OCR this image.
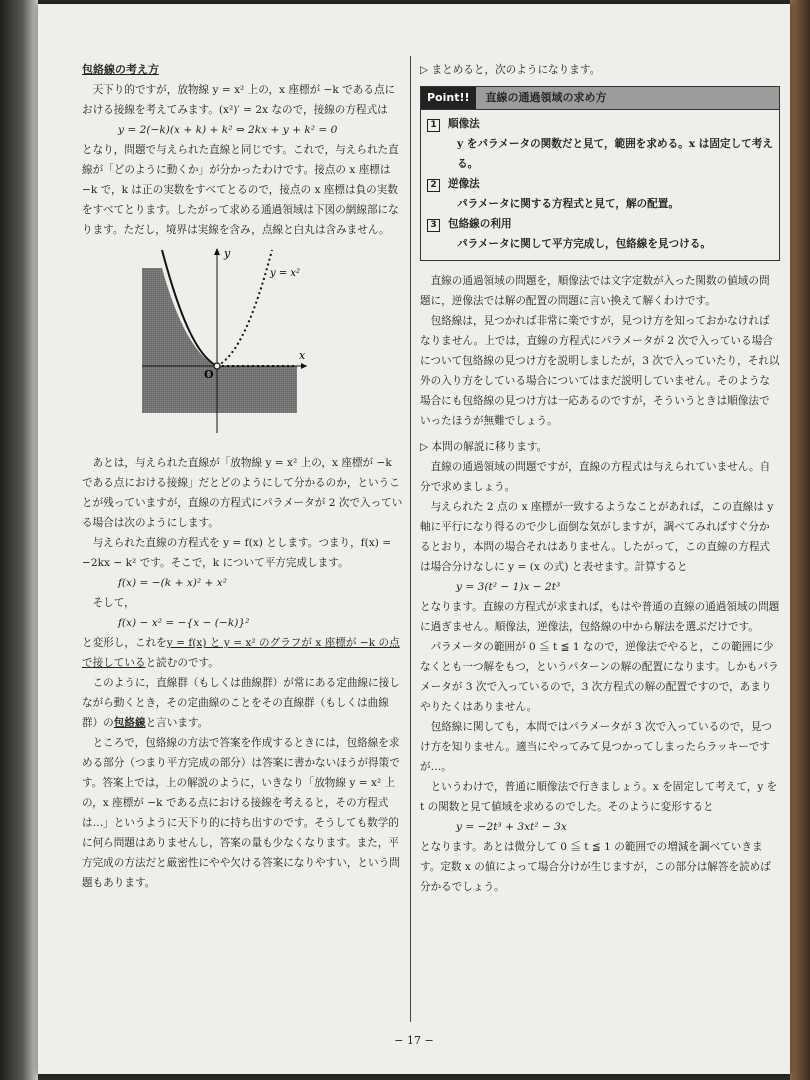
包絡線の考え方

天下り的ですが，放物線 y = x² 上の，x 座標が −k である点における接線を考えてみます。(x²)′ = 2x なので，接線の方程式は

y = 2(−k)(x + k) + k² ⇔ 2kx + y + k² = 0

となり，問題で与えられた直線と同じです。これで，与えられた直線が「どのように動くか」が分かったわけです。接点の x 座標は −k で，k は正の実数をすべてとるので，接点の x 座標は負の実数をすべてとります。したがって求める通過領域は下図の網線部になります。ただし，境界は実線を含み，点線と白丸は含みません。

y
x
O
y = x²

あとは，与えられた直線が「放物線 y = x² 上の，x 座標が −k である点における接線」だとどのようにして分かるのか，ということが残っていますが，直線の方程式にパラメータが 2 次で入っている場合は次のようにします。

与えられた直線の方程式を y = f(x) とします。つまり，f(x) = −2kx − k² です。そこで，k について平方完成します。

f(x) = −(k + x)² + x²

そして，

f(x) − x² = −{x − (−k)}²

と変形し，これをy = f(x) と y = x² のグラフが x 座標が −k の点で接していると読むのです。

このように，直線群（もしくは曲線群）が常にある定曲線に接しながら動くとき，その定曲線のことをその直線群（もしくは曲線群）の包絡線と言います。

ところで，包絡線の方法で答案を作成するときには，包絡線を求める部分（つまり平方完成の部分）は答案に書かないほうが得策です。答案上では，上の解説のように，いきなり「放物線 y = x² 上の，x 座標が −k である点における接線を考えると，その方程式は…」というように天下り的に持ち出すのです。そうしても数学的に何ら問題はありませんし，答案の量も少なくなります。また，平方完成の方法だと厳密性にやや欠ける答案になりやすい，という問題もあります。

▷ まとめると，次のようになります。

Point!!	直線の通過領域の求め方
1 順像法

y をパラメータの関数だと見て，範囲を求める。x は固定して考える。

2 逆像法

パラメータに関する方程式と見て，解の配置。

3 包絡線の利用

パラメータに関して平方完成し，包絡線を見つける。

直線の通過領域の問題を，順像法では文字定数が入った関数の値域の問題に，逆像法では解の配置の問題に言い換えて解くわけです。

包絡線は，見つかれば非常に楽ですが，見つけ方を知っておかなければなりません。上では，直線の方程式にパラメータが 2 次で入っている場合について包絡線の見つけ方を説明しましたが，3 次で入っていたり，それ以外の入り方をしている場合についてはまだ説明していません。そのような場合にも包絡線の見つけ方は一応あるのですが，そういうときは順像法でいったほうが無難でしょう。

▷ 本問の解説に移ります。

直線の通過領域の問題ですが，直線の方程式は与えられていません。自分で求めましょう。

与えられた 2 点の x 座標が一致するようなことがあれば，この直線は y 軸に平行になり得るので少し面倒な気がしますが，調べてみればすぐ分かるとおり，本問の場合それはありません。したがって，この直線の方程式は場合分けなしに y = (x の式) と表せます。計算すると

y = 3(t² − 1)x − 2t³

となります。直線の方程式が求まれば，もはや普通の直線の通過領域の問題に過ぎません。順像法，逆像法，包絡線の中から解法を選ぶだけです。

パラメータの範囲が 0 ≦ t ≦ 1 なので，逆像法でやると，この範囲に少なくとも一つ解をもつ，というパターンの解の配置になります。しかもパラメータが 3 次で入っているので，3 次方程式の解の配置ですので，あまりやりたくはありません。

包絡線に関しても，本問ではパラメータが 3 次で入っているので，見つけ方を知りません。適当にやってみて見つかってしまったらラッキーですが…。

というわけで，普通に順像法で行きましょう。x を固定して考えて，y を t の関数と見て値域を求めるのでした。そのように変形すると

y = −2t³ + 3xt² − 3x

となります。あとは微分して 0 ≦ t ≦ 1 の範囲での増減を調べていきます。定数 x の値によって場合分けが生じますが，この部分は解答を読めば分かるでしょう。

− 17 −
